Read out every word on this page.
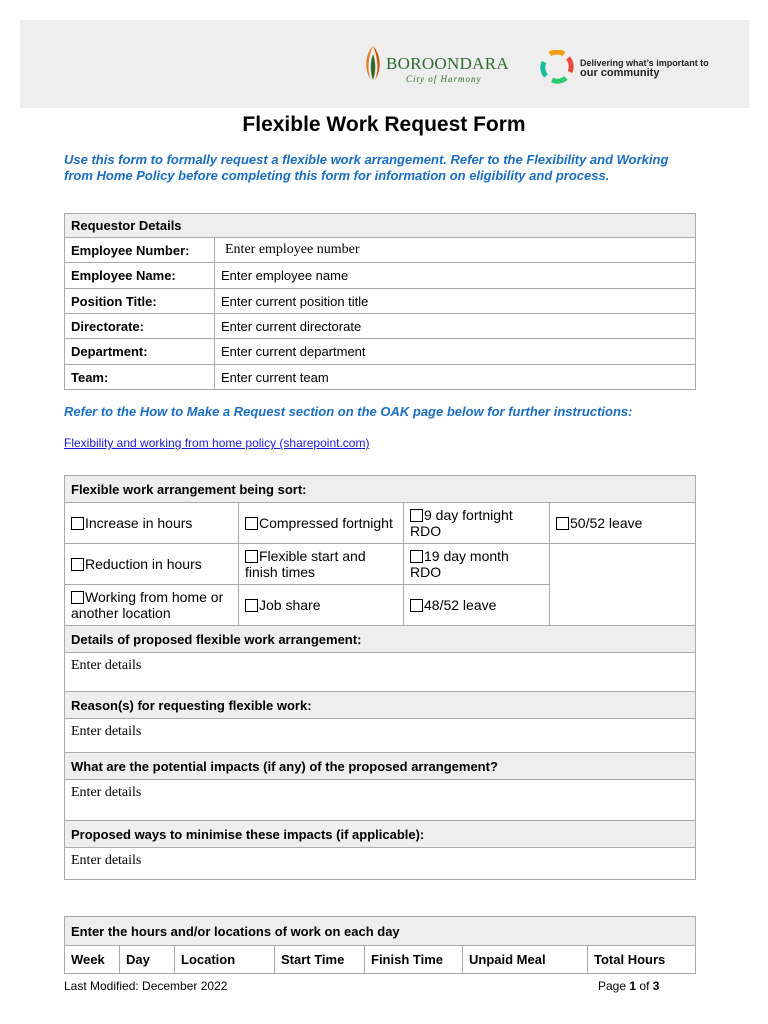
BOROONDARA
City of Harmony
Delivering what’s important to
our community
Flexible Work Request Form
Use this form to formally request a flexible work arrangement. Refer to the Flexibility and Working from Home Policy before completing this form for information on eligibility and process.
Requestor Details	
Employee Number:	Enter employee number
Employee Name:	Enter employee name
Position Title:	Enter current position title
Directorate:	Enter current directorate
Department:	Enter current department
Team:	Enter current team
Refer to the How to Make a Request section on the OAK page below for further instructions:
Flexibility and working from home policy (sharepoint.com)
Flexible work arrangement being sort:			
Increase in hours	Compressed fortnight	9 day fortnight RDO	50/52 leave
Reduction in hours	Flexible start and finish times	19 day month RDO	
Working from home or another location	Job share	48/52 leave	
Details of proposed flexible work arrangement:			
Enter details			
Reason(s) for requesting flexible work:			
Enter details			
What are the potential impacts (if any) of the proposed arrangement?			
Enter details			
Proposed ways to minimise these impacts (if applicable):			
Enter details			
Enter the hours and/or locations of work on each day
Week	Day	Location	Start Time	Finish Time	Unpaid Meal	Total Hours
Last Modified: December 2022	Page 1 of 3
